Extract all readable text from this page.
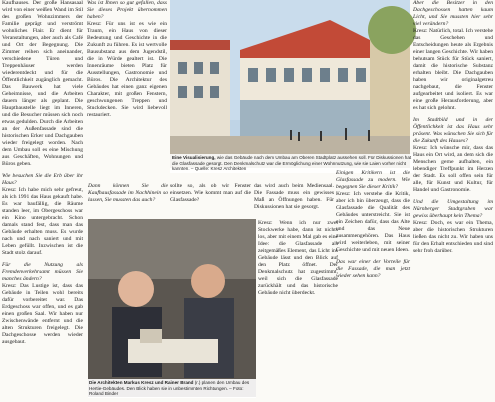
Kaufhauses. Der große Hansasaal wird von einer weißen Wand im Stil des großen Wohnzimmers der Familie geprägt und verströmt wohnliches Flair. Er dient für Veranstaltungen, aber auch als Café und Ort der Begegnung. Die Zimmer reihen sich aneinander, verschiedene Türen und Treppenhäuser werden wiederentdeckt und für die Öffentlichkeit zugänglich gemacht. Das Bauwerk hat viele Geheimnisse, und die Arbeiten dauern länger als geplant. Die Hauptbaustelle liegt im Inneren, und die Besucher müssen sich noch etwas gedulden. Durch die Arbeiten an der Außenfassade sind die historischen Erker und Dachgauben wieder freigelegt worden. Nach dem Umbau soll es eine Mischung aus Geschäften, Wohnungen und Büros geben.

Wie besuchen Sie die Erb über ihr Haus?

Kresz: Ich habe mich sehr gefreut, als ich 1991 das Haus gekauft habe. Es war baufällig, die Räume standen leer, im Obergeschoss war ein Kino untergebracht. Schon damals stand fest, dass man das Gebäude erhalten muss. Es wurde nach und nach saniert und mit Leben gefüllt. Inzwischen ist die Stadt stolz darauf.

Für die Nutzung als Fremdenverkehrsamt müssen Sie manches ändern?

Kresz: Das Lustige ist, dass das Gebäude in Teilen wohl bereits dafür vorbereitet war. Das Erdgeschoss war offen, und es gab einen großen Saal. Wir haben nur Zwischenwände entfernt und die alten Strukturen freigelegt. Die Dachgeschosse werden wieder ausgebaut.

Was ist Ihnen so gut gefallen, dass Sie dieses Projekt übernommen haben?

Kresz: Für uns ist es wie ein Traum, ein Haus von dieser Bedeutung und Geschichte in die Zukunft zu führen. Es ist wertvolle Bausubstanz aus dem Jugendstil, die in Würde gealtert ist. Die Innenräume bieten Platz für Ausstellungen, Gastronomie und Büros. Die Architektur des Gebäudes hat einen ganz eigenen Charakter, mit großen Fenstern, geschwungenen Treppen und Stuckdecken. Sie wird liebevoll restauriert.

Eine Visualisierung, wie das Gebäude nach dem Umbau am Oberen Stadtplatz aussehen soll. Für Diskussionen hat die Glasfassade gesorgt. Den Denkmalschutz war die Ermöglichung einer Wohnnutzung, wie sie Laien vorher nicht kannten. – Quelle: Kresz Architekten

Dann können Sie die Kaufhausfassade im Nachhinein so lassen, Sie mussten das auch?

sollte so, als ob wir Fenster einsetzen. Wie kommt man auf die Glasfassade?

das wird auch beim Mediensaal. Die Fassade muss ein gewisses Maß an Öffnungen haben. Für Diskussionen hat sie gesorgt.

Die Architekten Markus Kresz und Rainer Brand (r.) planen den Umbau des Hertie-Gebäudes. Den Blick haben sie in unbestimmten Richtungen. – Foto: Roland Binder

Kresz: Wenn ich nur zwei Stockwerke habe, dann ist nichts los, aber mit einem Mal gab es eine Idee: die Glasfassade als zeitgemäßes Element, das Licht ins Gebäude lässt und den Blick auf den Platz öffnet. Der Denkmalschutz hat zugestimmt, weil sich die Glasfassade zurückhält und das historische Gebäude nicht überdeckt.

Einigen Kritikern ist die Glasfassade zu modern. Wie begegnen Sie dieser Kritik?

Kresz: Ich verstehe die Kritik, aber ich bin überzeugt, dass die Glasfassade die Qualität des Gebäudes unterstreicht. Sie ist ein Zeichen dafür, dass das Alte und das Neue zusammengehören. Das Haus wird weiterleben, mit seiner Geschichte und mit neuen Ideen.

Das war einer der Vorteile für die Fassade, die man jetzt wieder sehen kann?

Aber die Besitzer in den Dachgeschossen hatten kaum Licht, und Sie mussten hier sehr viel verändern?

Kresz: Natürlich, total. Ich verstehe das Geschehen und Entscheidungen heute als Ergebnis einer langen Geschichte. Wir haben behutsam Stück für Stück saniert, damit die historische Substanz erhalten bleibt. Die Dachgauben haben wir originalgetreu nachgebaut, die Fenster aufgearbeitet und isoliert. Es war eine große Herausforderung, aber es hat sich gelohnt.

Im Stadtbild und in der Öffentlichkeit ist das Haus sehr präsent. Was wünschen Sie sich für die Zukunft des Hauses?

Kresz: Ich wünsche mir, dass das Haus ein Ort wird, an dem sich die Menschen gerne aufhalten, ein lebendiger Treffpunkt im Herzen der Stadt. Es soll offen sein für alle, für Kunst und Kultur, für Handel und Gastronomie.

Und die Umgestaltung im Nürnberger Stadtgraben war gewiss überhaupt kein Thema?

Kresz: Doch, es war ein Thema, aber die historischen Strukturen ließen das nicht zu. Wir haben uns für den Erhalt entschieden und sind sehr froh darüber.
